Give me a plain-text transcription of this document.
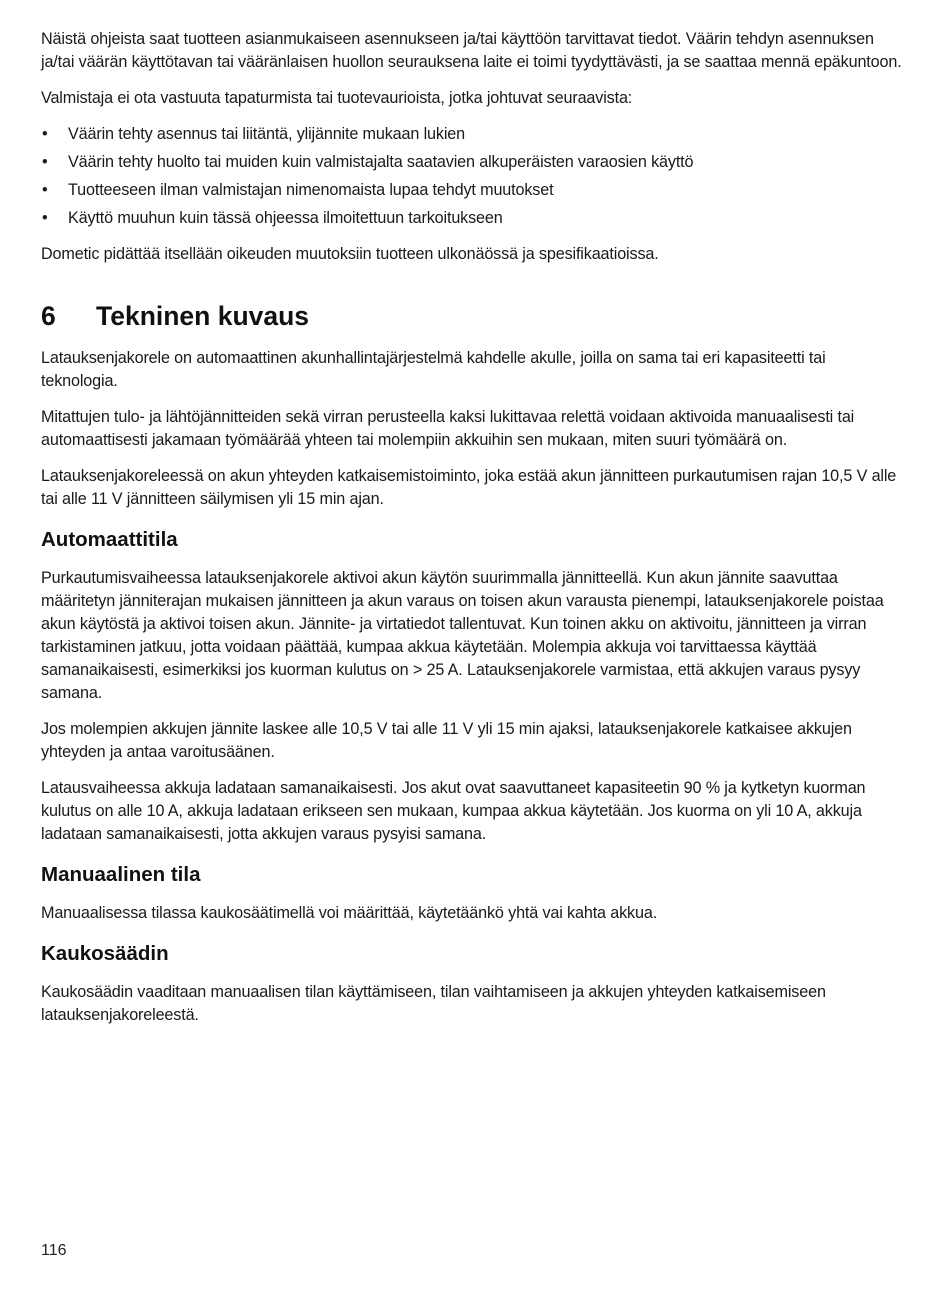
Näistä ohjeista saat tuotteen asianmukaiseen asennukseen ja/tai käyttöön tarvittavat tiedot. Väärin tehdyn asennuksen ja/tai väärän käyttötavan tai vääränlaisen huollon seurauksena laite ei toimi tyydyttävästi, ja se saattaa mennä epäkuntoon.

Valmistaja ei ota vastuuta tapaturmista tai tuotevaurioista, jotka johtuvat seuraavista:

• Väärin tehty asennus tai liitäntä, ylijännite mukaan lukien
• Väärin tehty huolto tai muiden kuin valmistajalta saatavien alkuperäisten varaosien käyttö
• Tuotteeseen ilman valmistajan nimenomaista lupaa tehdyt muutokset
• Käyttö muuhun kuin tässä ohjeessa ilmoitettuun tarkoitukseen

Dometic pidättää itsellään oikeuden muutoksiin tuotteen ulkonäössä ja spesifikaatioissa.

6	Tekninen kuvaus

Latauksenjakorele on automaattinen akunhallintajärjestelmä kahdelle akulle, joilla on sama tai eri kapasiteetti tai teknologia.

Mitattujen tulo- ja lähtöjännitteiden sekä virran perusteella kaksi lukittavaa relettä voidaan aktivoida manuaalisesti tai automaattisesti jakamaan työmäärää yhteen tai molempiin akkuihin sen mukaan, miten suuri työmäärä on.

Latauksenjakoreleessä on akun yhteyden katkaisemistoiminto, joka estää akun jännitteen purkautumisen rajan 10,5 V alle tai alle 11 V jännitteen säilymisen yli 15 min ajan.

Automaattitila

Purkautumisvaiheessa latauksenjakorele aktivoi akun käytön suurimmalla jännitteellä. Kun akun jännite saavuttaa määritetyn jänniterajan mukaisen jännitteen ja akun varaus on toisen akun varausta pienempi, latauksenjakorele poistaa akun käytöstä ja aktivoi toisen akun. Jännite- ja virtatiedot tallentuvat. Kun toinen akku on aktivoitu, jännitteen ja virran tarkistaminen jatkuu, jotta voidaan päättää, kumpaa akkua käytetään. Molempia akkuja voi tarvittaessa käyttää samanaikaisesti, esimerkiksi jos kuorman kulutus on > 25 A. Latauksenjakorele varmistaa, että akkujen varaus pysyy samana.

Jos molempien akkujen jännite laskee alle 10,5 V tai alle 11 V yli 15 min ajaksi, latauksenjakorele katkaisee akkujen yhteyden ja antaa varoitusäänen.

Latausvaiheessa akkuja ladataan samanaikaisesti. Jos akut ovat saavuttaneet kapasiteetin 90 % ja kytketyn kuorman kulutus on alle 10 A, akkuja ladataan erikseen sen mukaan, kumpaa akkua käytetään. Jos kuorma on yli 10 A, akkuja ladataan samanaikaisesti, jotta akkujen varaus pysyisi samana.

Manuaalinen tila

Manuaalisessa tilassa kaukosäätimellä voi määrittää, käytetäänkö yhtä vai kahta akkua.

Kaukosäädin

Kaukosäädin vaaditaan manuaalisen tilan käyttämiseen, tilan vaihtamiseen ja akkujen yhteyden katkaisemiseen latauksenjakoreleestä.

116
